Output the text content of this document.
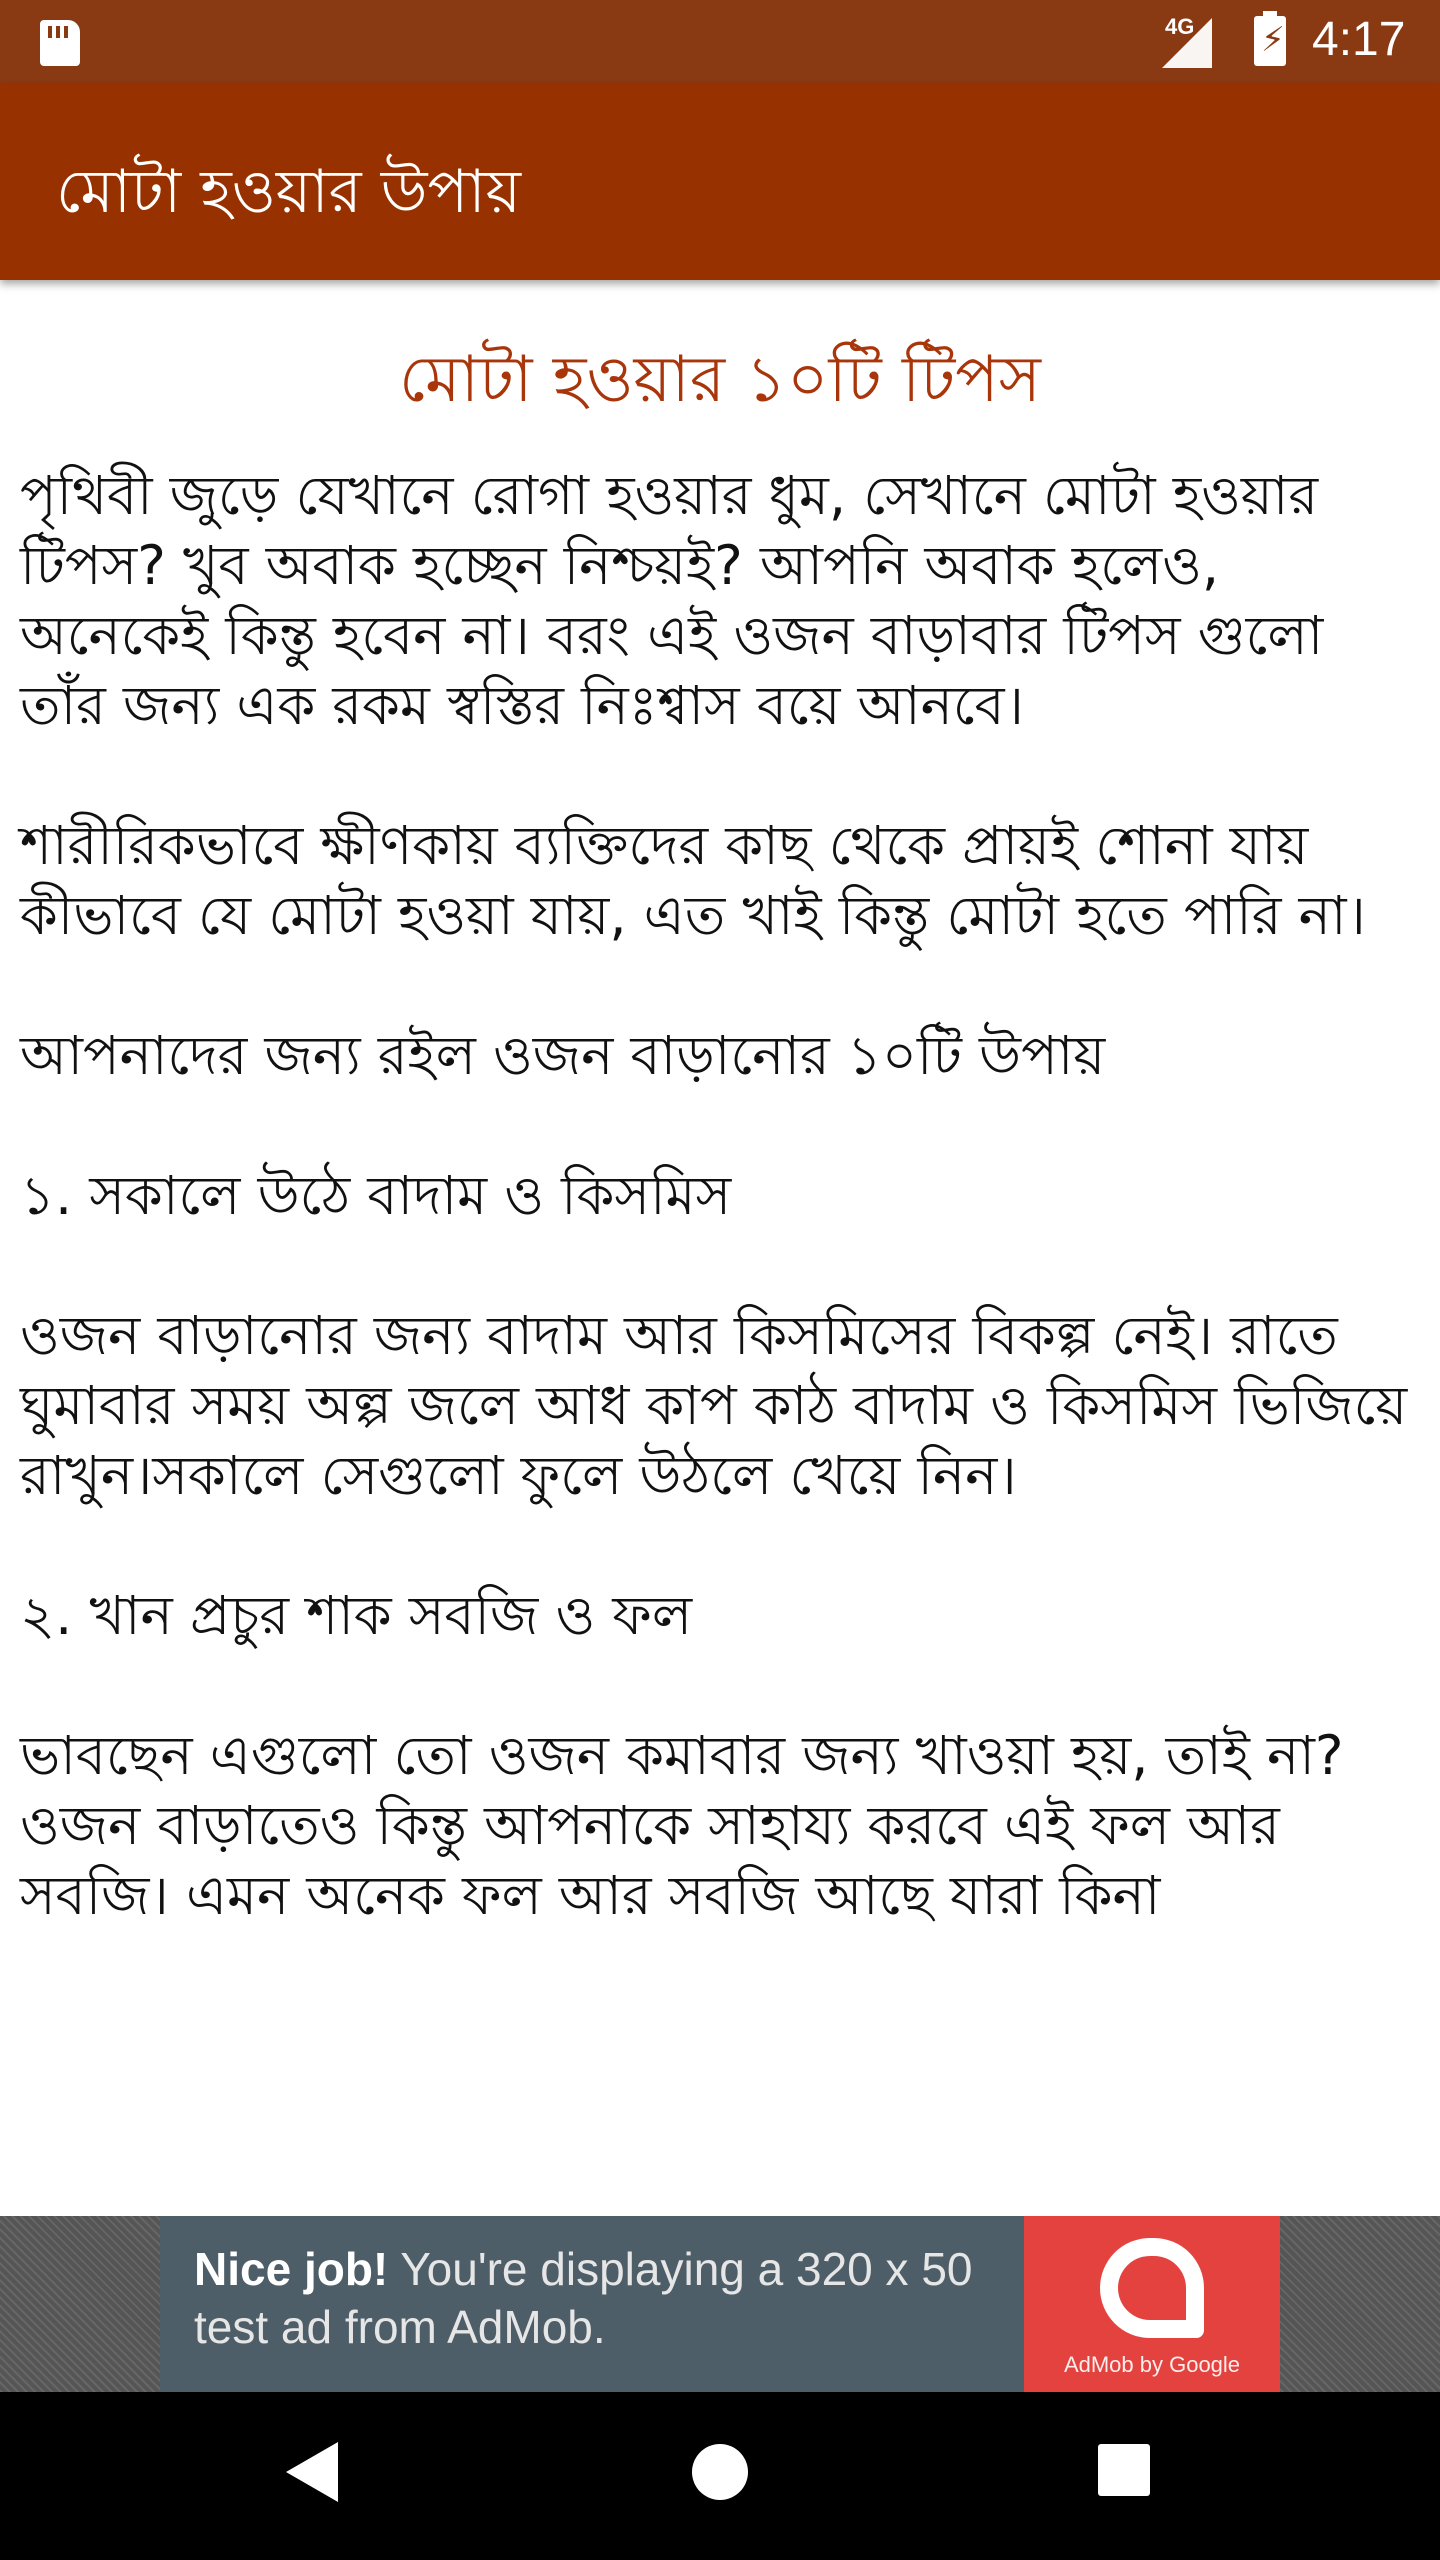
4G ⚡ 4:17
মোটা হওয়ার উপায়
মোটা হওয়ার ১০টি টিপস

পৃথিবী জুড়ে যেখানে রোগা হওয়ার ধুম, সেখানে মোটা হওয়ার টিপস? খুব অবাক হচ্ছেন নিশ্চয়ই? আপনি অবাক হলেও, অনেকেই কিন্তু হবেন না। বরং এই ওজন বাড়াবার টিপস গুলো তাঁর জন্য এক রকম স্বস্তির নিঃশ্বাস বয়ে আনবে।

শারীরিকভাবে ক্ষীণকায় ব্যক্তিদের কাছ থেকে প্রায়ই শোনা যায় কীভাবে যে মোটা হওয়া যায়, এত খাই কিন্তু মোটা হতে পারি না।

আপনাদের জন্য রইল ওজন বাড়ানোর ১০টি উপায়

১. সকালে উঠে বাদাম ও কিসমিস

ওজন বাড়ানোর জন্য বাদাম আর কিসমিসের বিকল্প নেই। রাতে ঘুমাবার সময় অল্প জলে আধ কাপ কাঠ বাদাম ও কিসমিস ভিজিয়ে রাখুন।সকালে সেগুলো ফুলে উঠলে খেয়ে নিন।

২. খান প্রচুর শাক সবজি ও ফল

ভাবছেন এগুলো তো ওজন কমাবার জন্য খাওয়া হয়, তাই না? ওজন বাড়াতেও কিন্তু আপনাকে সাহায্য করবে এই ফল আর সবজি। এমন অনেক ফল আর সবজি আছে যারা কিনা

Nice job! You're displaying a 320 x 50 test ad from AdMob.
AdMob by Google
